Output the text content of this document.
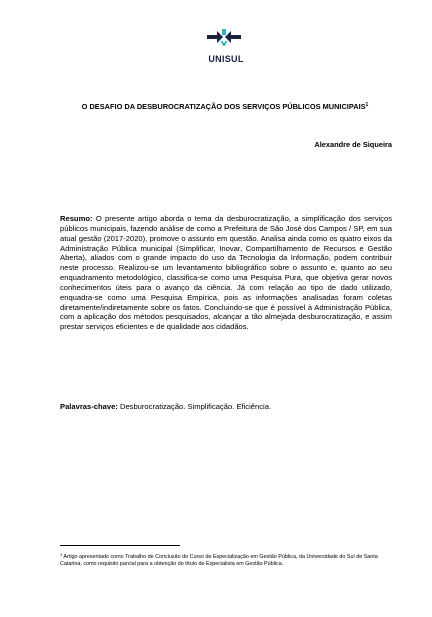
UNISUL
O DESAFIO DA DESBUROCRATIZAÇÃO DOS SERVIÇOS PÚBLICOS MUNICIPAIS$^1$
Alexandre de Siqueira
Resumo: O presente artigo aborda o tema da desburocratização, a simplificação dos serviços públicos municipais, fazendo análise de como a Prefeitura de São José dos Campos / SP, em sua atual gestão (2017-2020), promove o assunto em questão. Analisa ainda como os quatro eixos da Administração Pública municipal (Simplificar, Inovar, Compartilhamento de Recursos e Gestão Aberta), aliados com o grande impacto do uso da Tecnologia da Informação, podem contribuir neste processo. Realizou-se um levantamento bibliográfico sobre o assunto e, quanto ao seu enquadramento metodológico, classifica-se como uma Pesquisa Pura, que objetiva gerar novos conhecimentos úteis para o avanço da ciência. Já com relação ao tipo de dado utilizado, enquadra-se como uma Pesquisa Empírica, pois as informações analisadas foram coletas diretamente/indiretamente sobre os fatos. Concluindo-se que é possível à Administração Pública, com a aplicação dos métodos pesquisados, alcançar a tão almejada desburocratização, e assim prestar serviços eficientes e de qualidade aos cidadãos.
Palavras-chave: Desburocratização. Simplificação. Eficiência.
$^1$ Artigo apresentado como Trabalho de Conclusão do Curso de Especialização em Gestão Pública, da Universidade do Sul de Santa Catarina, como requisito parcial para a obtenção do título de Especialista em Gestão Pública.
